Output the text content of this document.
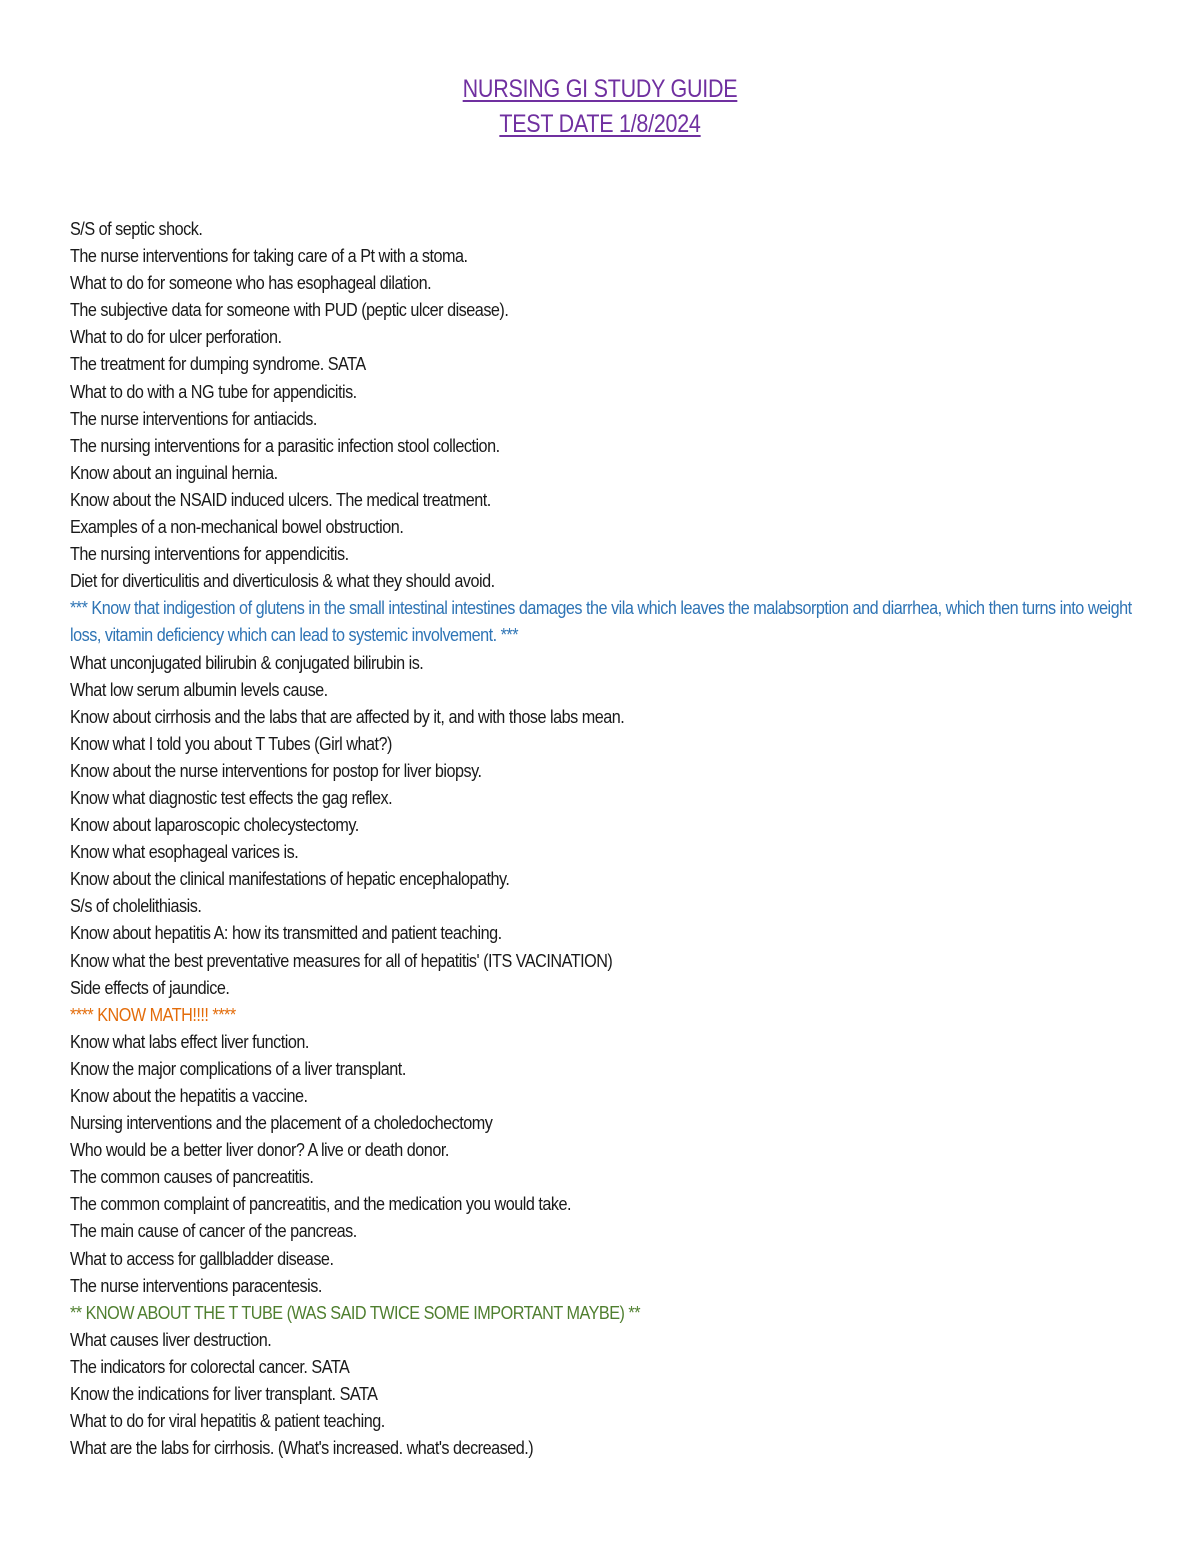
NURSING GI STUDY GUIDE
TEST DATE 1/8/2024
S/S of septic shock.
The nurse interventions for taking care of a Pt with a stoma.
What to do for someone who has esophageal dilation.
The subjective data for someone with PUD (peptic ulcer disease).
What to do for ulcer perforation.
The treatment for dumping syndrome. SATA
What to do with a NG tube for appendicitis.
The nurse interventions for antiacids.
The nursing interventions for a parasitic infection stool collection.
Know about an inguinal hernia.
Know about the NSAID induced ulcers. The medical treatment.
Examples of a non-mechanical bowel obstruction.
The nursing interventions for appendicitis.
Diet for diverticulitis and diverticulosis & what they should avoid.
*** Know that indigestion of glutens in the small intestinal intestines damages the vila which leaves the malabsorption and diarrhea, which then turns into weight loss, vitamin deficiency which can lead to systemic involvement. ***
What unconjugated bilirubin & conjugated bilirubin is.
What low serum albumin levels cause.
Know about cirrhosis and the labs that are affected by it, and with those labs mean.
Know what I told you about T Tubes (Girl what?)
Know about the nurse interventions for postop for liver biopsy.
Know what diagnostic test effects the gag reflex.
Know about laparoscopic cholecystectomy.
Know what esophageal varices is.
Know about the clinical manifestations of hepatic encephalopathy.
S/s of cholelithiasis.
Know about hepatitis A: how its transmitted and patient teaching.
Know what the best preventative measures for all of hepatitis' (ITS VACINATION)
Side effects of jaundice.
**** KNOW MATH!!!! ****
Know what labs effect liver function.
Know the major complications of a liver transplant.
Know about the hepatitis a vaccine.
Nursing interventions and the placement of a choledochectomy
Who would be a better liver donor? A live or death donor.
The common causes of pancreatitis.
The common complaint of pancreatitis, and the medication you would take.
The main cause of cancer of the pancreas.
What to access for gallbladder disease.
The nurse interventions paracentesis.
** KNOW ABOUT THE T TUBE (WAS SAID TWICE SOME IMPORTANT MAYBE) **
What causes liver destruction.
The indicators for colorectal cancer. SATA
Know the indications for liver transplant. SATA
What to do for viral hepatitis & patient teaching.
What are the labs for cirrhosis. (What's increased. what's decreased.)
